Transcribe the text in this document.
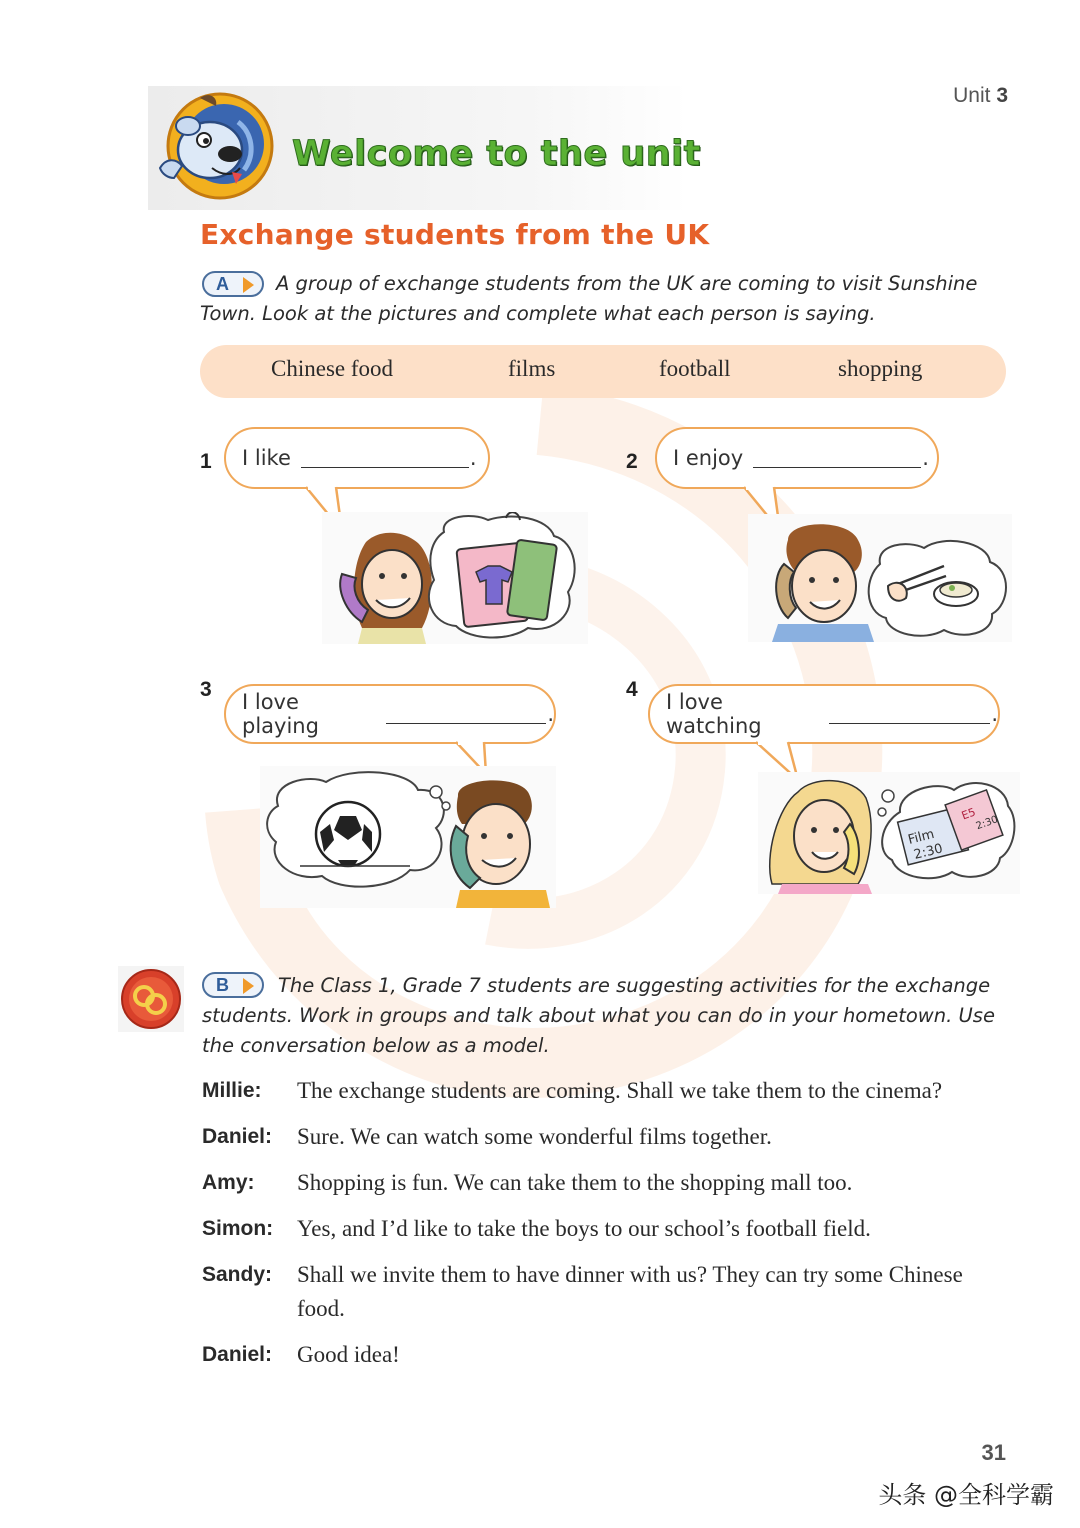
Unit 3
Welcome to the unit
Exchange students from the UK
A	A group of exchange students from the UK are coming to visit Sunshine
Town. Look at the pictures and complete what each person is saying.
Chinese food	films	football	shopping
1 I like	.	2 I enjoy	.
3
I love playing	.
4
I love watching	.
Film
2:30
E5
2:30
B	The Class 1, Grade 7 students are suggesting activities for the exchange
students. Work in groups and talk about what you can do in your hometown. Use
the conversation below as a model.
Millie:	The exchange students are coming. Shall we take them to the cinema?
Daniel:	Sure. We can watch some wonderful films together.
Amy:	Shopping is fun. We can take them to the shopping mall too.
Simon:	Yes, and I’d like to take the boys to our school’s football field.
Sandy:	Shall we invite them to have dinner with us? They can try some Chinese food.
Daniel:	Good idea!
31
头条 @全科学霸
